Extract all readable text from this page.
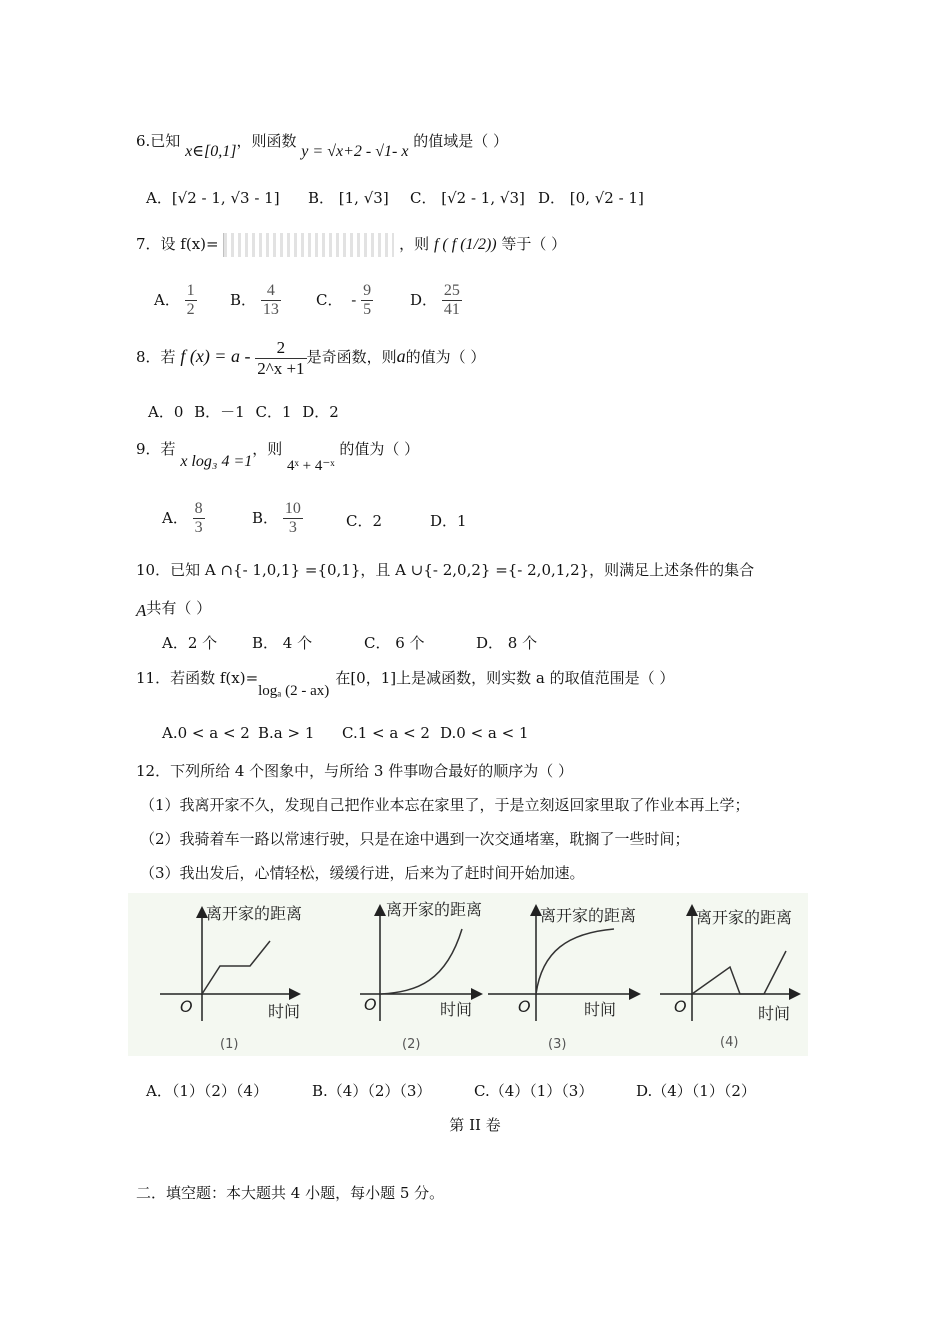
6.已知 x∈[0,1]，则函数 y = √x+2 - √1- x 的值域是（ ）
A．[√2 - 1, √3 - 1] B． [1, √3] C． [√2 - 1, √3] D． [0, √2 - 1]
7．设 f(x)=	，则 f ( f (1/2)) 等于（ ）
A． $\frac{1}{2}$ B． $\frac{4}{13}$ C． - $\frac{9}{5}$ D． $\frac{25}{41}$
8．若 f $(x) = a - \frac{2}{2\^{}x +1}$ 是奇函数，则a的值为（ ）
A．0 B．－1 C．1 D．2
9．若 x log₃ 4 =1，则 4ˣ + 4⁻ˣ 的值为（ ）
A． $\frac{8}{3}$	B． $\frac{10}{3}$	C．2	D．1
10．已知 A ∩{- 1,0,1} ={0,1}，且 A ∪{- 2,0,2} ={- 2,0,1,2}，则满足上述条件的集合
A共有（ ）
A．2 个 B． 4 个	C． 6 个	D． 8 个
11．若函数 f(x)=logₐ (2 - ax)在[0，1]上是减函数，则实数 a 的取值范围是（ ）
A.0 < a < 2 B.a > 1 C.1 < a < 2 D.0 < a < 1
12．下列所给 4 个图象中，与所给 3 件事吻合最好的顺序为（ ）
（1）我离开家不久，发现自己把作业本忘在家里了，于是立刻返回家里取了作业本再上学；
（2）我骑着车一路以常速行驶，只是在途中遇到一次交通堵塞，耽搁了一些时间；
（3）我出发后，心情轻松，缓缓行进，后来为了赶时间开始加速。
离开家的距离
时间
O
(1)
离开家的距离
时间
O
(2)
离开家的距离
时间
O
(3)
离开家的距离
时间
O
(4)
A．（1）（2）（4）	B.（4）（2）（3）	C.（4）（1）（3）	D.（4）（1）（2）
第 II 卷
二．填空题：本大题共 4 小题，每小题 5 分。
